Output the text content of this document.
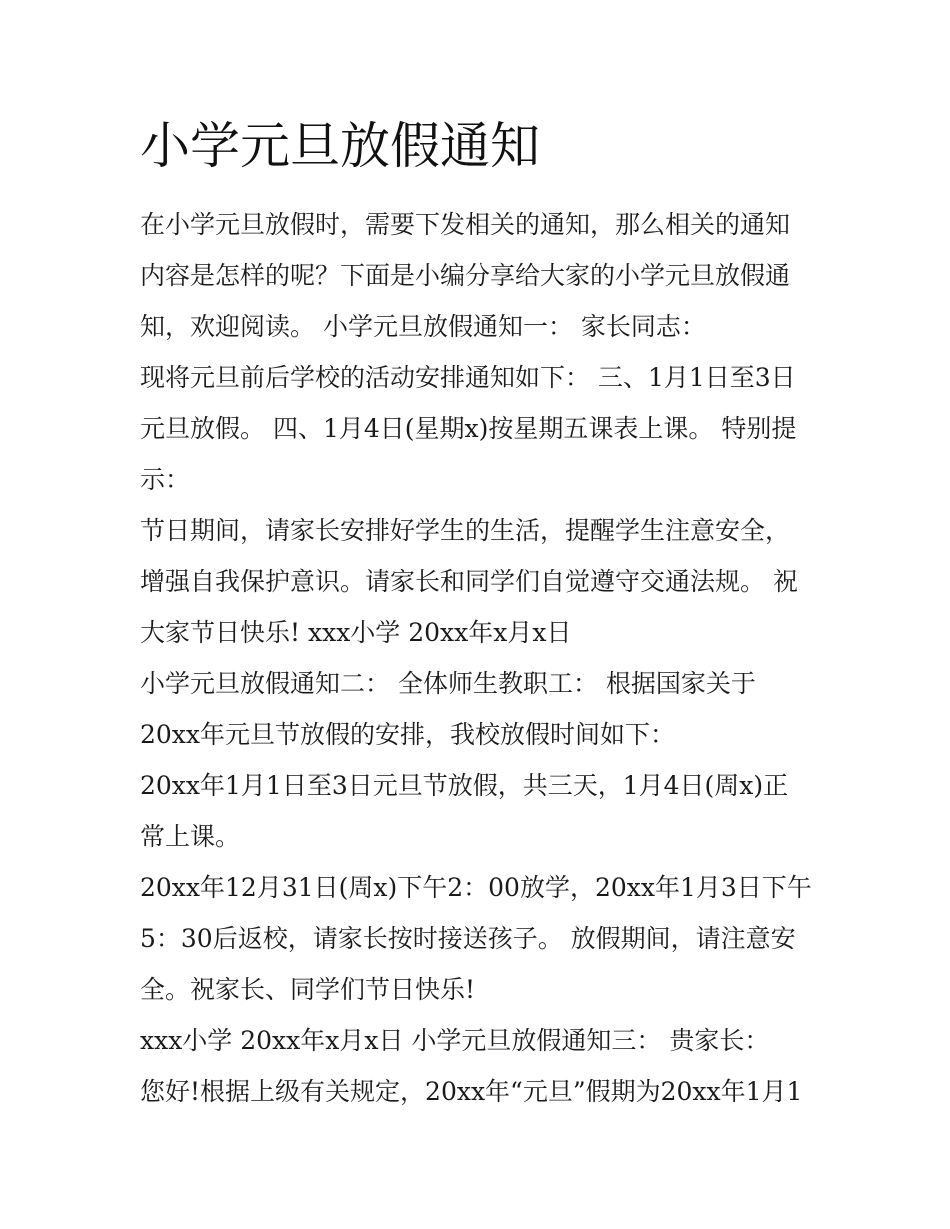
小学元旦放假通知

在小学元旦放假时，需要下发相关的通知，那么相关的通知内容是怎样的呢？下面是小编分享给大家的小学元旦放假通知，欢迎阅读。 小学元旦放假通知一： 家长同志：

现将元旦前后学校的活动安排通知如下： 三、1月1日至3日元旦放假。 四、1月4日(星期x)按星期五课表上课。 特别提示：

节日期间，请家长安排好学生的生活，提醒学生注意安全，增强自我保护意识。请家长和同学们自觉遵守交通法规。 祝大家节日快乐! xxx小学 20xx年x月x日

小学元旦放假通知二： 全体师生教职工： 根据国家关于20xx年元旦节放假的安排，我校放假时间如下：

20xx年1月1日至3日元旦节放假，共三天，1月4日(周x)正常上课。

20xx年12月31日(周x)下午2：00放学，20xx年1月3日下午5：30后返校，请家长按时接送孩子。 放假期间，请注意安全。祝家长、同学们节日快乐!

xxx小学 20xx年x月x日 小学元旦放假通知三： 贵家长：

您好!根据上级有关规定，20xx年“元旦”假期为20xx年1月1
